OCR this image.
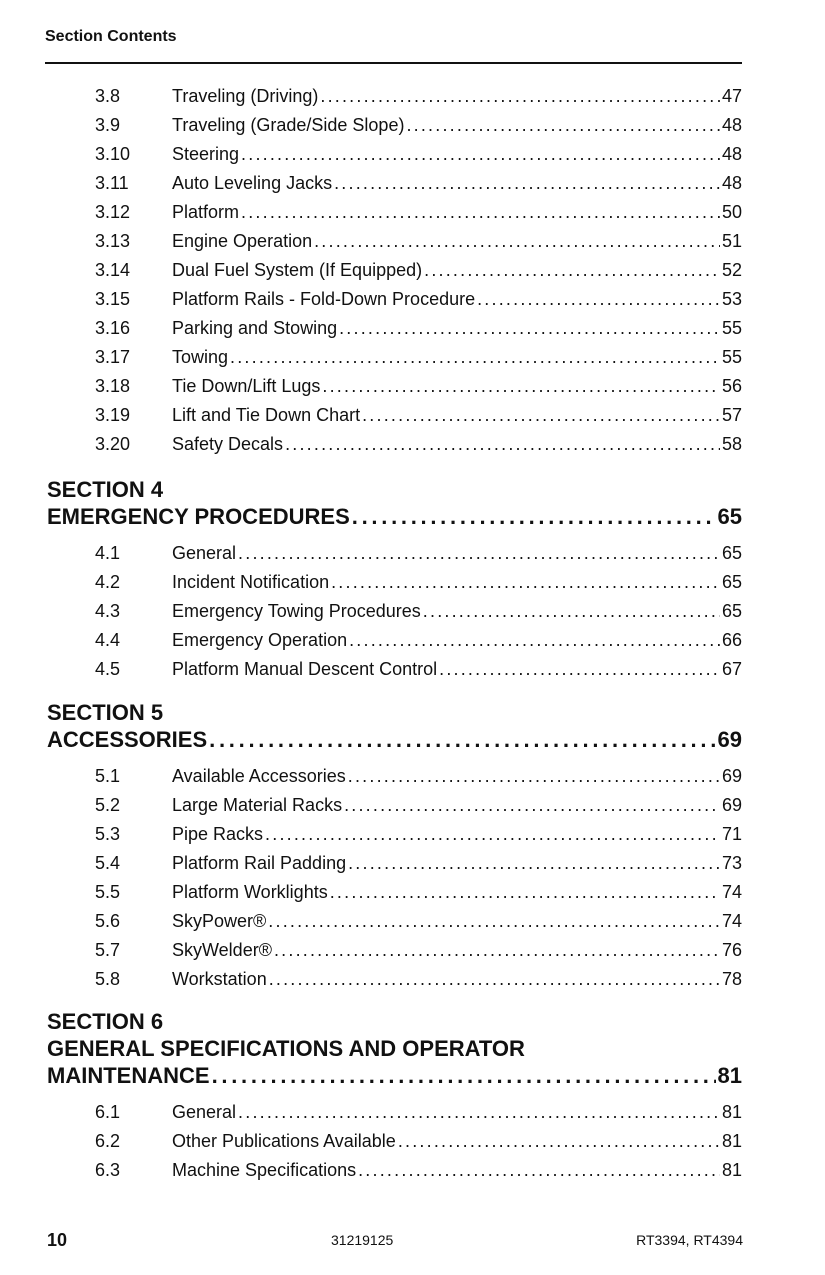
Section Contents
3.8	Traveling (Driving) . . .	47
3.9	Traveling (Grade/Side Slope) . . .	48
3.10	Steering . . .	48
3.11	Auto Leveling Jacks . . .	48
3.12	Platform . . .	50
3.13	Engine Operation . . .	51
3.14	Dual Fuel System (If Equipped) . . .	52
3.15	Platform Rails - Fold-Down Procedure . . .	53
3.16	Parking and Stowing . . .	55
3.17	Towing . . .	55
3.18	Tie Down/Lift Lugs . . .	56
3.19	Lift and Tie Down Chart . . .	57
3.20	Safety Decals . . .	58
SECTION 4
EMERGENCY PROCEDURES . . .	65
4.1	General . . .	65
4.2	Incident Notification . . .	65
4.3	Emergency Towing Procedures . . .	65
4.4	Emergency Operation . . .	66
4.5	Platform Manual Descent Control . . .	67
SECTION 5
ACCESSORIES . . .	69
5.1	Available Accessories . . .	69
5.2	Large Material Racks . . .	69
5.3	Pipe Racks . . .	71
5.4	Platform Rail Padding . . .	73
5.5	Platform Worklights . . .	74
5.6	SkyPower® . . .	74
5.7	SkyWelder® . . .	76
5.8	Workstation . . .	78
SECTION 6
GENERAL SPECIFICATIONS AND OPERATOR
MAINTENANCE . . .	81
6.1	General . . .	81
6.2	Other Publications Available . . .	81
6.3	Machine Specifications . . .	81
10	31219125	RT3394, RT4394
